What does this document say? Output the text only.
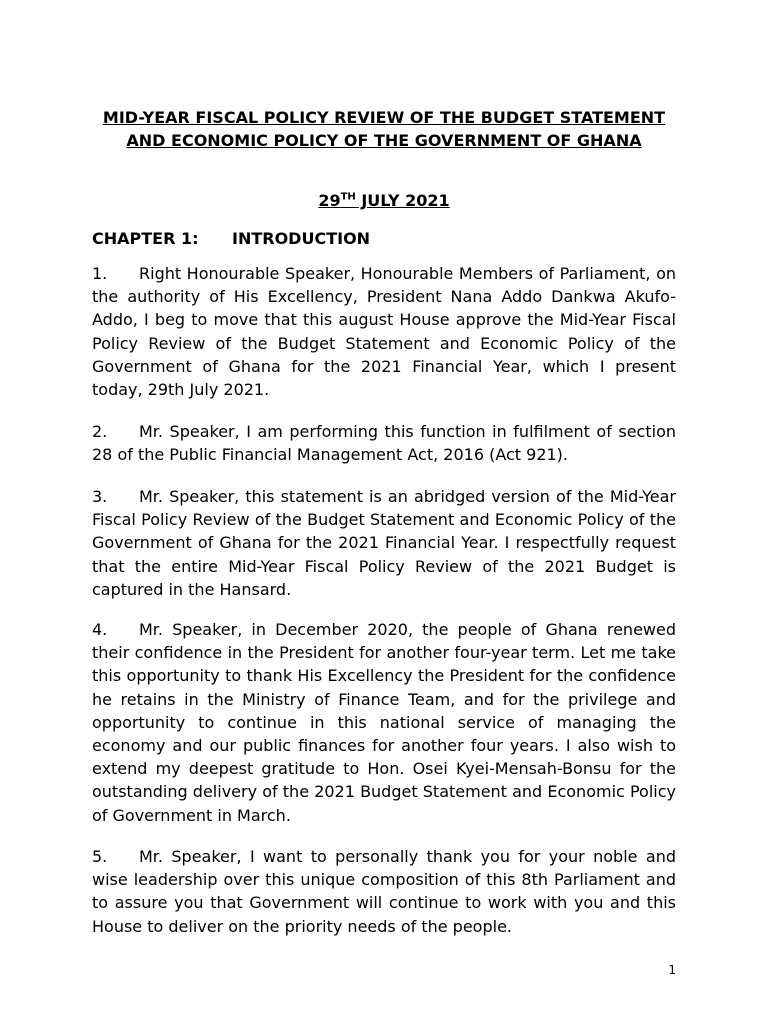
MID-YEAR FISCAL POLICY REVIEW OF THE BUDGET STATEMENT AND ECONOMIC POLICY OF THE GOVERNMENT OF GHANA
29TH JULY 2021
CHAPTER 1: INTRODUCTION

1. Right Honourable Speaker, Honourable Members of Parliament, on the authority of His Excellency, President Nana Addo Dankwa Akufo-Addo, I beg to move that this august House approve the Mid-Year Fiscal Policy Review of the Budget Statement and Economic Policy of the Government of Ghana for the 2021 Financial Year, which I present today, 29th July 2021.

2. Mr. Speaker, I am performing this function in fulfilment of section 28 of the Public Financial Management Act, 2016 (Act 921).

3. Mr. Speaker, this statement is an abridged version of the Mid-Year Fiscal Policy Review of the Budget Statement and Economic Policy of the Government of Ghana for the 2021 Financial Year. I respectfully request that the entire Mid-Year Fiscal Policy Review of the 2021 Budget is captured in the Hansard.

4. Mr. Speaker, in December 2020, the people of Ghana renewed their confidence in the President for another four-year term. Let me take this opportunity to thank His Excellency the President for the confidence he retains in the Ministry of Finance Team, and for the privilege and opportunity to continue in this national service of managing the economy and our public finances for another four years. I also wish to extend my deepest gratitude to Hon. Osei Kyei-Mensah-Bonsu for the outstanding delivery of the 2021 Budget Statement and Economic Policy of Government in March.

5. Mr. Speaker, I want to personally thank you for your noble and wise leadership over this unique composition of this 8th Parliament and to assure you that Government will continue to work with you and this House to deliver on the priority needs of the people.

1
